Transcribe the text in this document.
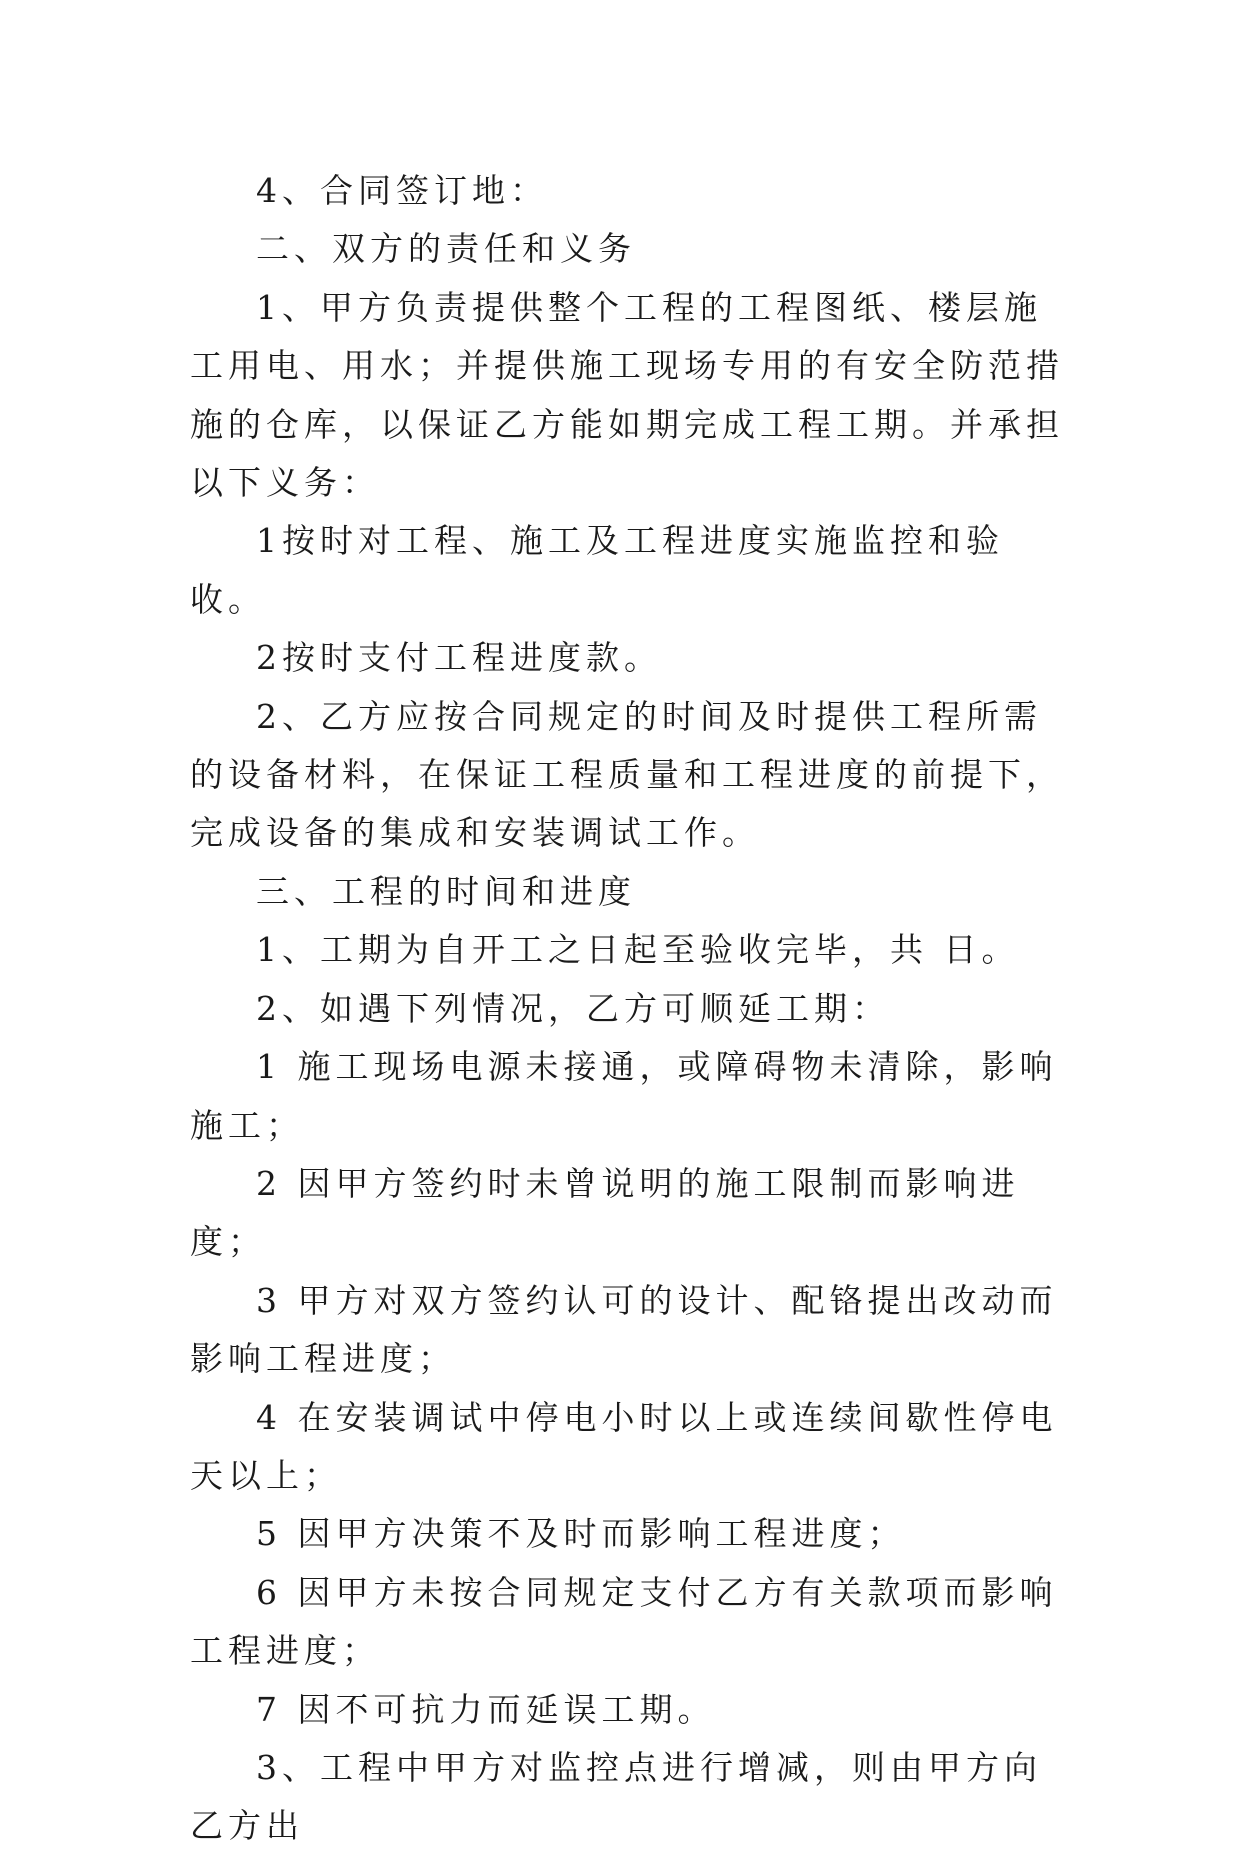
4、合同签订地：

二、双方的责任和义务

1、甲方负责提供整个工程的工程图纸、楼层施工用电、用水；并提供施工现场专用的有安全防范措施的仓库，以保证乙方能如期完成工程工期。并承担以下义务：

1按时对工程、施工及工程进度实施监控和验收。

2按时支付工程进度款。

2、乙方应按合同规定的时间及时提供工程所需的设备材料，在保证工程质量和工程进度的前提下，完成设备的集成和安装调试工作。

三、工程的时间和进度

1、工期为自开工之日起至验收完毕，共 日。

2、如遇下列情况，乙方可顺延工期：

1 施工现场电源未接通，或障碍物未清除，影响施工；

2 因甲方签约时未曾说明的施工限制而影响进度；

3 甲方对双方签约认可的设计、配铬提出改动而影响工程进度；

4 在安装调试中停电小时以上或连续间歇性停电 天以上；

5 因甲方决策不及时而影响工程进度；

6 因甲方未按合同规定支付乙方有关款项而影响工程进度；

7 因不可抗力而延误工期。

3、工程中甲方对监控点进行增减，则由甲方向乙方出
